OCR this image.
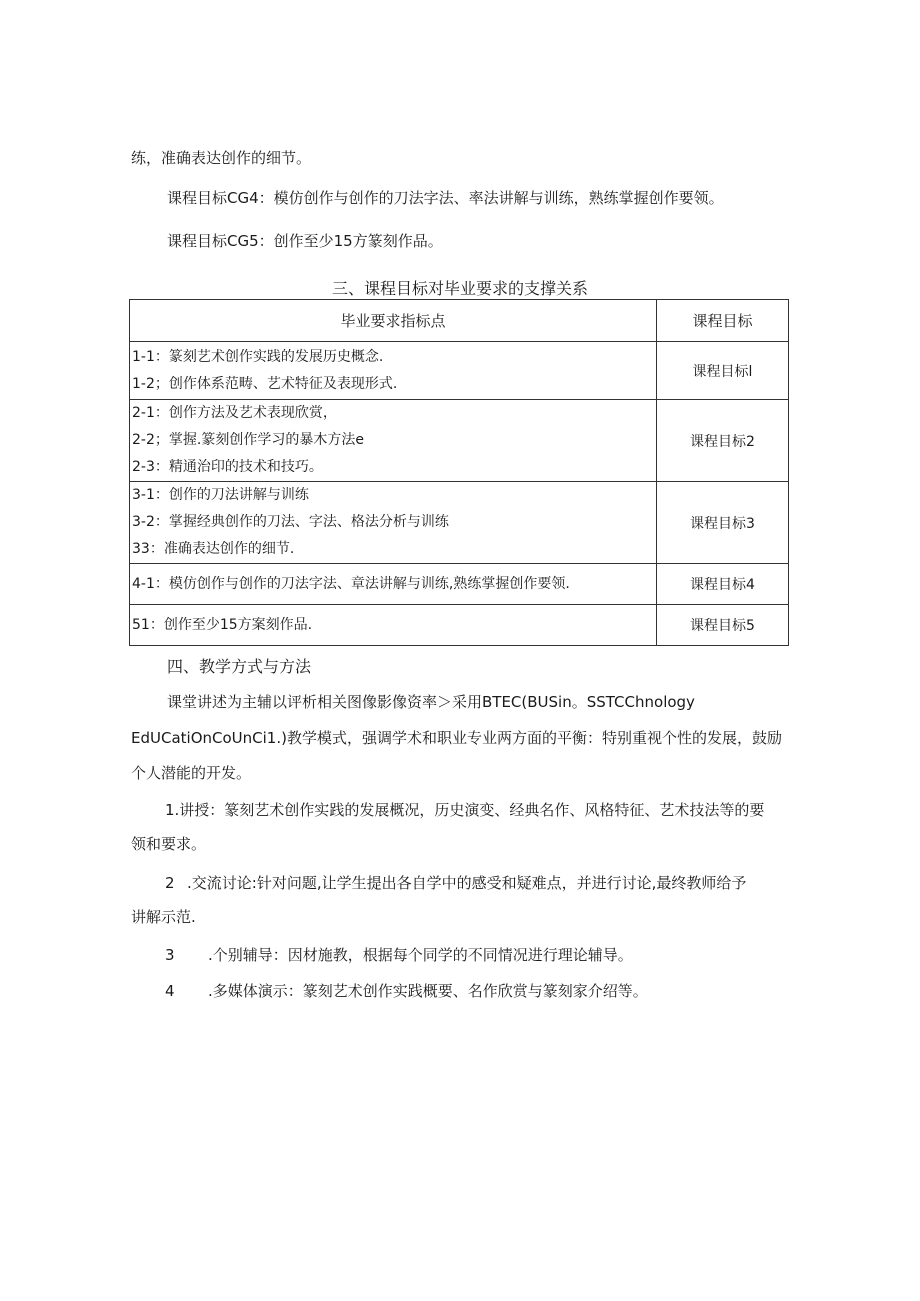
练，准确表达创作的细节。
课程目标CG4：模仿创作与创作的刀法字法、率法讲解与训练，熟练掌握创作要领。
课程目标CG5：创作至少15方篆刻作品。
三、课程目标对毕业要求的支撑关系
毕业要求指标点	课程目标

1-1：篆刻艺术创作实践的发展历史概念.
1-2；创作体系范畴、艺术特征及表现形式.	课程目标l

2-1：创作方法及艺术表现欣赏，
2-2；掌握.篆刻创作学习的暴木方法e
2-3：精通治印的技术和技巧。	课程目标2

3-1：创作的刀法讲解与训练
3-2：掌握经典创作的刀法、字法、格法分析与训练
33：准确表达创作的细节.	课程目标3

4-1：模仿创作与创作的刀法字法、章法讲解与训练,熟练掌握创作要领.	课程目标4

51：创作至少15方案刻作品.	课程目标5
四、教学方式与方法
课堂讲述为主辅以评析相关图像影像资率＞采用BTEC(BUSin。SSTCChnology
EdUCatiOnCoUnCi1.)教学模式，强调学术和职业专业两方面的平衡：特别重视个性的发展，鼓励
个人潜能的开发。
1.讲授：篆刻艺术创作实践的发展概况，历史演变、经典名作、风格特征、艺术技法等的要
领和要求。
2 .交流讨论:针对问题,让学生提出各自学中的感受和疑难点，并进行讨论,最终教师给予
讲解示范.
3 .个别辅导：因材施教，根据每个同学的不同情况进行理论辅导。
4 .多媒体演示：篆刻艺术创作实践概要、名作欣赏与篆刻家介绍等。
